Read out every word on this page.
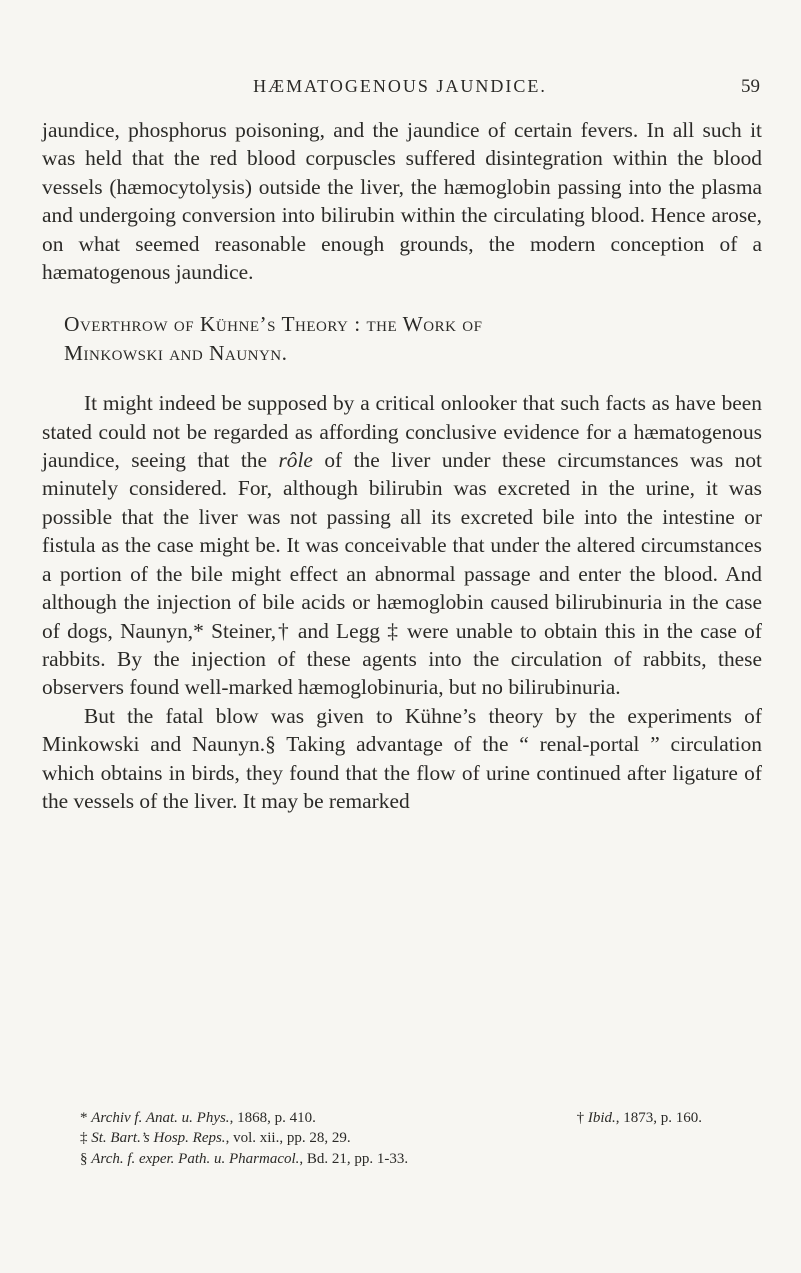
HÆMATOGENOUS JAUNDICE.	59

jaundice, phosphorus poisoning, and the jaundice of certain fevers. In all such it was held that the red blood corpuscles suffered disintegration within the blood vessels (hæmocytolysis) outside the liver, the hæmoglobin passing into the plasma and undergoing conversion into bilirubin within the circulating blood. Hence arose, on what seemed reasonable enough grounds, the modern conception of a hæmatogenous jaundice.

Overthrow of Kühne’s Theory : the Work of
Minkowski and Naunyn.

It might indeed be supposed by a critical onlooker that such facts as have been stated could not be regarded as affording conclusive evidence for a hæmatogenous jaundice, seeing that the rôle of the liver under these circumstances was not minutely considered. For, although bilirubin was excreted in the urine, it was possible that the liver was not passing all its excreted bile into the intestine or fistula as the case might be. It was conceivable that under the altered circumstances a portion of the bile might effect an abnormal passage and enter the blood. And although the injection of bile acids or hæmoglobin caused bilirubinuria in the case of dogs, Naunyn,* Steiner,† and Legg ‡ were unable to obtain this in the case of rabbits. By the injection of these agents into the circulation of rabbits, these observers found well-marked hæmoglobinuria, but no bilirubinuria.

But the fatal blow was given to Kühne’s theory by the experiments of Minkowski and Naunyn.§ Taking advantage of the “ renal-portal ” circulation which obtains in birds, they found that the flow of urine continued after ligature of the vessels of the liver. It may be remarked

* Archiv f. Anat. u. Phys., 1868, p. 410.	† Ibid., 1873, p. 160.
‡ St. Bart.’s Hosp. Reps., vol. xii., pp. 28, 29.
§ Arch. f. exper. Path. u. Pharmacol., Bd. 21, pp. 1-33.
